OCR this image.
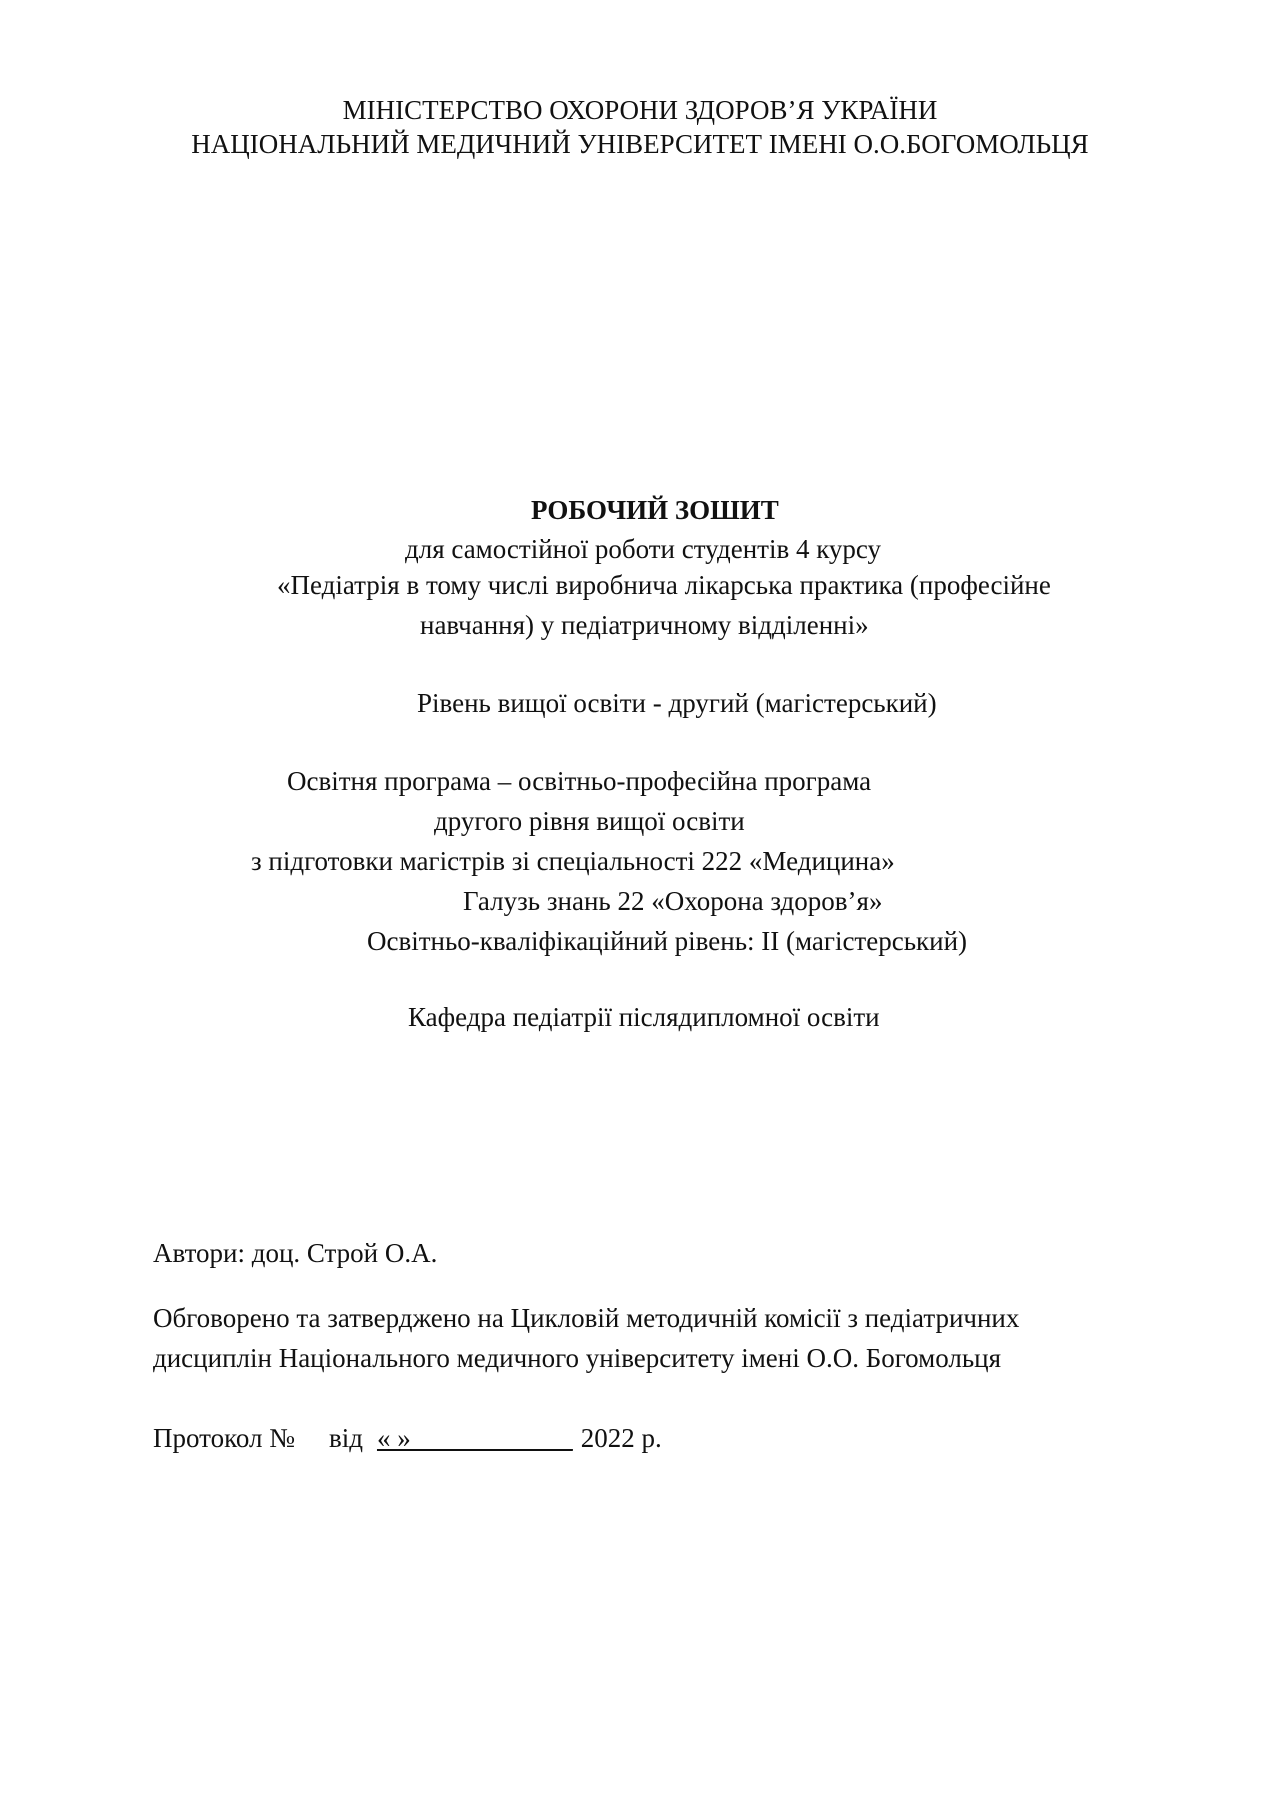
МІНІСТЕРСТВО ОХОРОНИ ЗДОРОВ’Я УКРАЇНИ
НАЦІОНАЛЬНИЙ МЕДИЧНИЙ УНІВЕРСИТЕТ ІМЕНІ О.О.БОГОМОЛЬЦЯ
РОБОЧИЙ ЗОШИТ
для самостійної роботи студентів 4 курсу
«Педіатрія в тому числі виробнича лікарська практика (професійне
навчання) у педіатричному відділенні»
Рівень вищої освіти - другий (магістерський)
Освітня програма – освітньо-професійна програма
другого рівня вищої освіти
з підготовки магістрів зі спеціальності 222 «Медицина»
Галузь знань 22 «Охорона здоров’я»
Освітньо-кваліфікаційний рівень: ІІ (магістерський)
Кафедра педіатрії післядипломної освіти
Автори: доц. Строй О.А.
Обговорено та затверджено на Цикловій методичній комісії з педіатричних
дисциплін Національного медичного університету імені О.О. Богомольця
Протокол № від « »____________ 2022 р.
